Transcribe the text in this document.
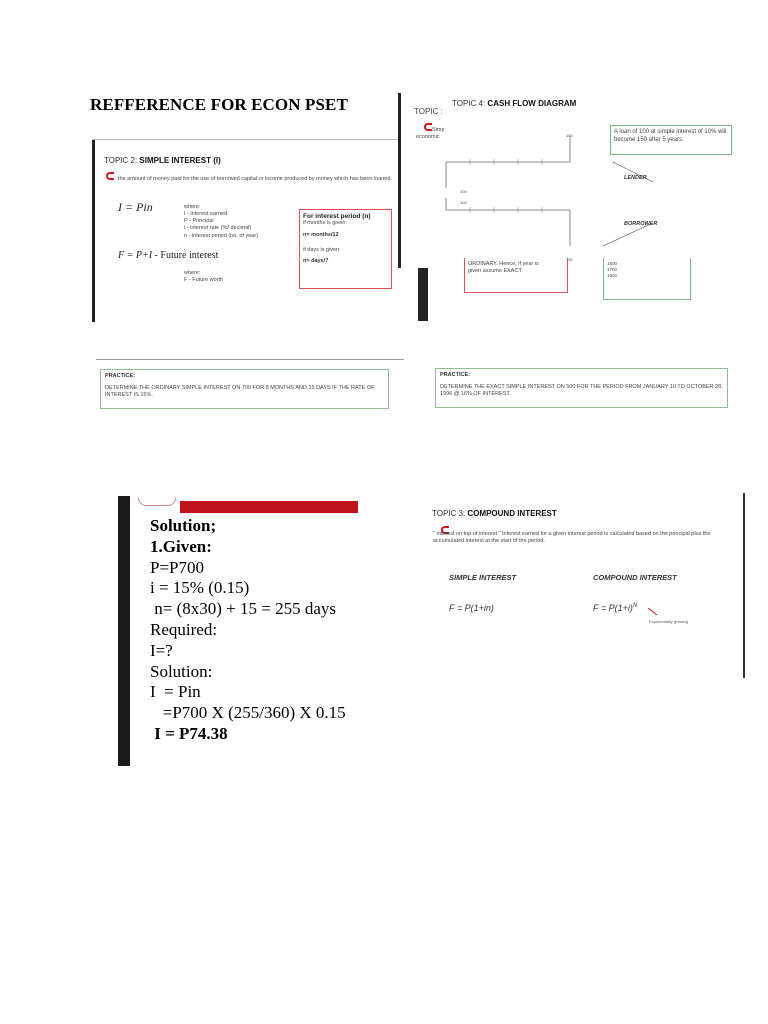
REFFERENCE FOR ECON PSET
TOPIC 2: SIMPLE INTEREST (I)
the amount of money paid for the use of borrowed capital or income produced by money which has been loaned.
I = Pin	where:
I - interest earned
P - Principal
i - interest rate (%/ decimal)
n - interest period (no. of year)
F = P+I - Future interest
where:
F - Future worth
For interest period (n)
if months is given:
n= months/12
if days is given:
n= days/?
TOPIC :
Simp
economic
TOPIC 4: CASH FLOW DIAGRAM
A loan of 100 at simple interest of 10% will become 150 after 5 years.
150
100
100
150
LENDER
BORROWER
ORDINARY. Hence, if year is
given assume EXACT
1600
1700
1800
PRACTICE:
DETERMINE THE ORDINARY SIMPLE INTEREST ON 700 FOR 8 MONTHS AND 15 DAYS IF THE RATE OF INTEREST IS 15%.
PRACTICE:
DETERMINE THE EXACT SIMPLE INTEREST ON 500 FOR THE PERIOD FROM JANUARY 10 TO OCTOBER 28, 1996 @ 16% OF INTEREST.
Solution;
1.Given:
P=P700
i = 15% (0.15)
n= (8x30) + 15 = 255 days
Required:
I=?
Solution:
I  = Pin
=P700 X (255/360) X 0.15
I = P74.38
TOPIC 3: COMPOUND INTEREST
" interest on top of interest." Interest earned for a given interest period is calculated based on the principal plus the accumulated interest at the start of the period.
SIMPLE INTEREST	COMPOUND INTEREST
F = P(1+in)	$F = P(1+i)^N$
Exponentially growing
